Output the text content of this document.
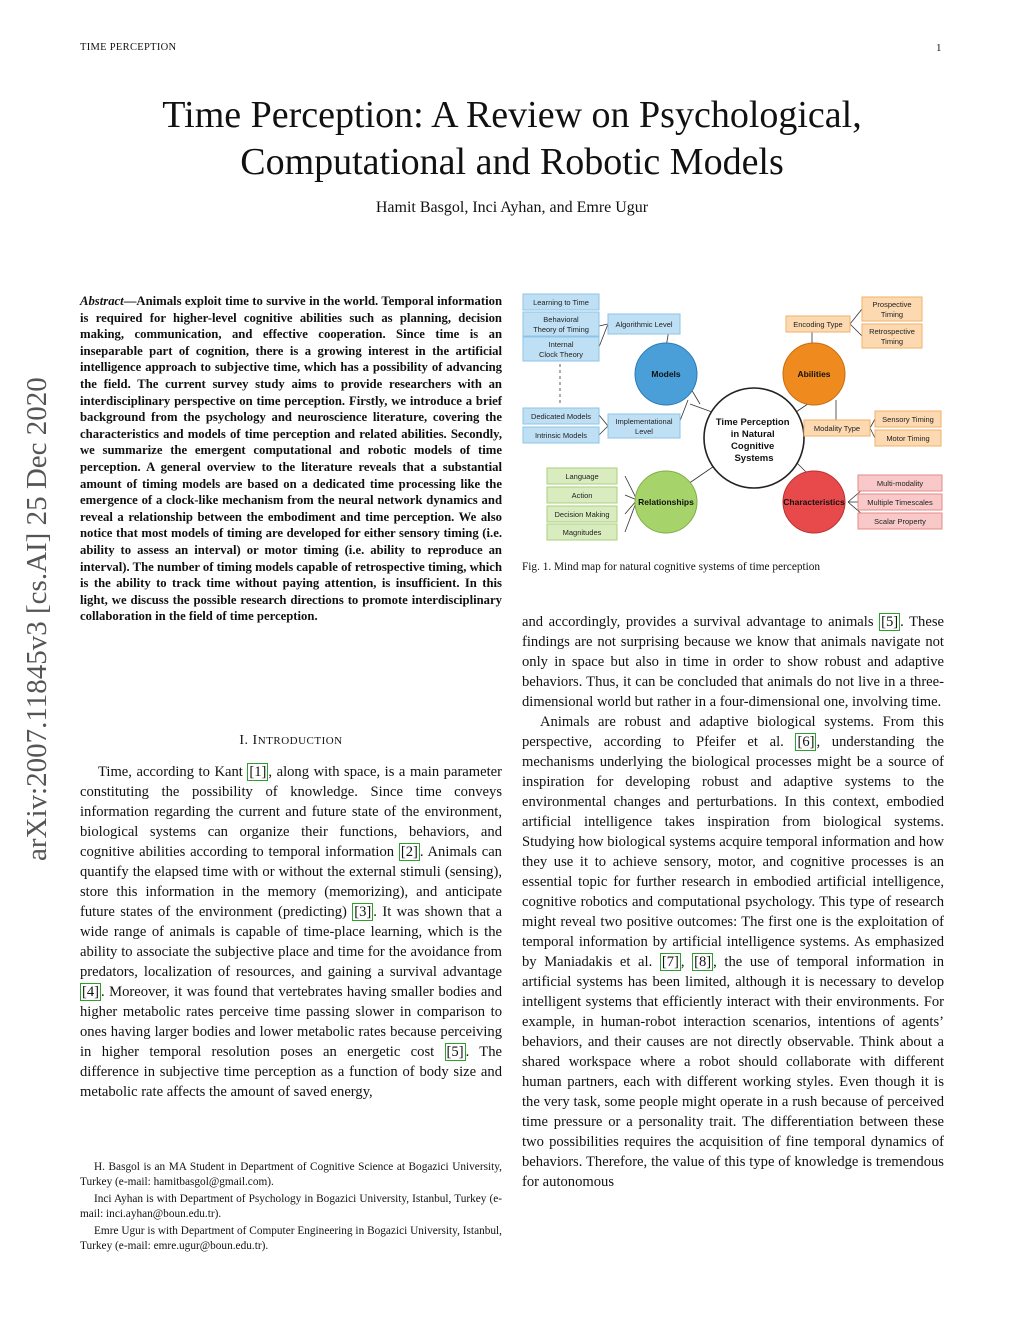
TIME PERCEPTION	1
Time Perception: A Review on Psychological,
Computational and Robotic Models
Hamit Basgol, Inci Ayhan, and Emre Ugur
arXiv:2007.11845v3 [cs.AI] 25 Dec 2020
Abstract—Animals exploit time to survive in the world. Temporal information is required for higher-level cognitive abilities such as planning, decision making, communication, and effective cooperation. Since time is an inseparable part of cognition, there is a growing interest in the artificial intelligence approach to subjective time, which has a possibility of advancing the field. The current survey study aims to provide researchers with an interdisciplinary perspective on time perception. Firstly, we introduce a brief background from the psychology and neuroscience literature, covering the characteristics and models of time perception and related abilities. Secondly, we summarize the emergent computational and robotic models of time perception. A general overview to the literature reveals that a substantial amount of timing models are based on a dedicated time processing like the emergence of a clock-like mechanism from the neural network dynamics and reveal a relationship between the embodiment and time perception. We also notice that most models of timing are developed for either sensory timing (i.e. ability to assess an interval) or motor timing (i.e. ability to reproduce an interval). The number of timing models capable of retrospective timing, which is the ability to track time without paying attention, is insufficient. In this light, we discuss the possible research directions to promote interdisciplinary collaboration in the field of time perception.
I. INTRODUCTION

Time, according to Kant [1] , along with space, is a main parameter constituting the possibility of knowledge. Since time conveys information regarding the current and future state of the environment, biological systems can organize their functions, behaviors, and cognitive abilities according to temporal information [2] . Animals can quantify the elapsed time with or without the external stimuli (sensing), store this information in the memory (memorizing), and anticipate future states of the environment (predicting) [3] . It was shown that a wide range of animals is capable of time-place learning, which is the ability to associate the subjective place and time for the avoidance from predators, localization of resources, and gaining a survival advantage [4] . Moreover, it was found that vertebrates having smaller bodies and higher metabolic rates perceive time passing slower in comparison to ones having larger bodies and lower metabolic rates because perceiving in higher temporal resolution poses an energetic cost [5] . The difference in subjective time perception as a function of body size and metabolic rate affects the amount of saved energy,

H. Basgol is an MA Student in Department of Cognitive Science at Bogazici University, Turkey (e-mail: hamitbasgol@gmail.com).

Inci Ayhan is with Department of Psychology in Bogazici University, Istanbul, Turkey (e-mail: inci.ayhan@boun.edu.tr).

Emre Ugur is with Department of Computer Engineering in Bogazici University, Istanbul, Turkey (e-mail: emre.ugur@boun.edu.tr).

Time Perception in Natural Cognitive Systems
Models	Abilities
Relationships	Characteristics
Algorithmic Level
Implementational
Level
Learning to Time
Behavioral
Theory of Timing
Internal
Clock Theory
Dedicated Models
Intrinsic Models
Encoding Type
Prospective
Timing
Retrospective
Timing
Modality Type
Sensory Timing
Motor Timing
Language
Action
Decision Making
Magnitudes
Multi-modality
Multiple Timescales
Scalar Property
Fig. 1. Mind map for natural cognitive systems of time perception

and accordingly, provides a survival advantage to animals [5] . These findings are not surprising because we know that animals navigate not only in space but also in time in order to show robust and adaptive behaviors. Thus, it can be concluded that animals do not live in a three-dimensional world but rather in a four-dimensional one, involving time.

Animals are robust and adaptive biological systems. From this perspective, according to Pfeifer et al. [6] , understanding the mechanisms underlying the biological processes might be a source of inspiration for developing robust and adaptive systems to the environmental changes and perturbations. In this context, embodied artificial intelligence takes inspiration from biological systems. Studying how biological systems acquire temporal information and how they use it to achieve sensory, motor, and cognitive processes is an essential topic for further research in embodied artificial intelligence, cognitive robotics and computational psychology. This type of research might reveal two positive outcomes: The first one is the exploitation of temporal information by artificial intelligence systems. As emphasized by Maniadakis et al. [7] , [8] , the use of temporal information in artificial systems has been limited, although it is necessary to develop intelligent systems that efficiently interact with their environments. For example, in human-robot interaction scenarios, intentions of agents’ behaviors, and their causes are not directly observable. Think about a shared workspace where a robot should collaborate with different human partners, each with different working styles. Even though it is the very task, some people might operate in a rush because of perceived time pressure or a personality trait. The differentiation between these two possibilities requires the acquisition of fine temporal dynamics of behaviors. Therefore, the value of this type of knowledge is tremendous for autonomous
